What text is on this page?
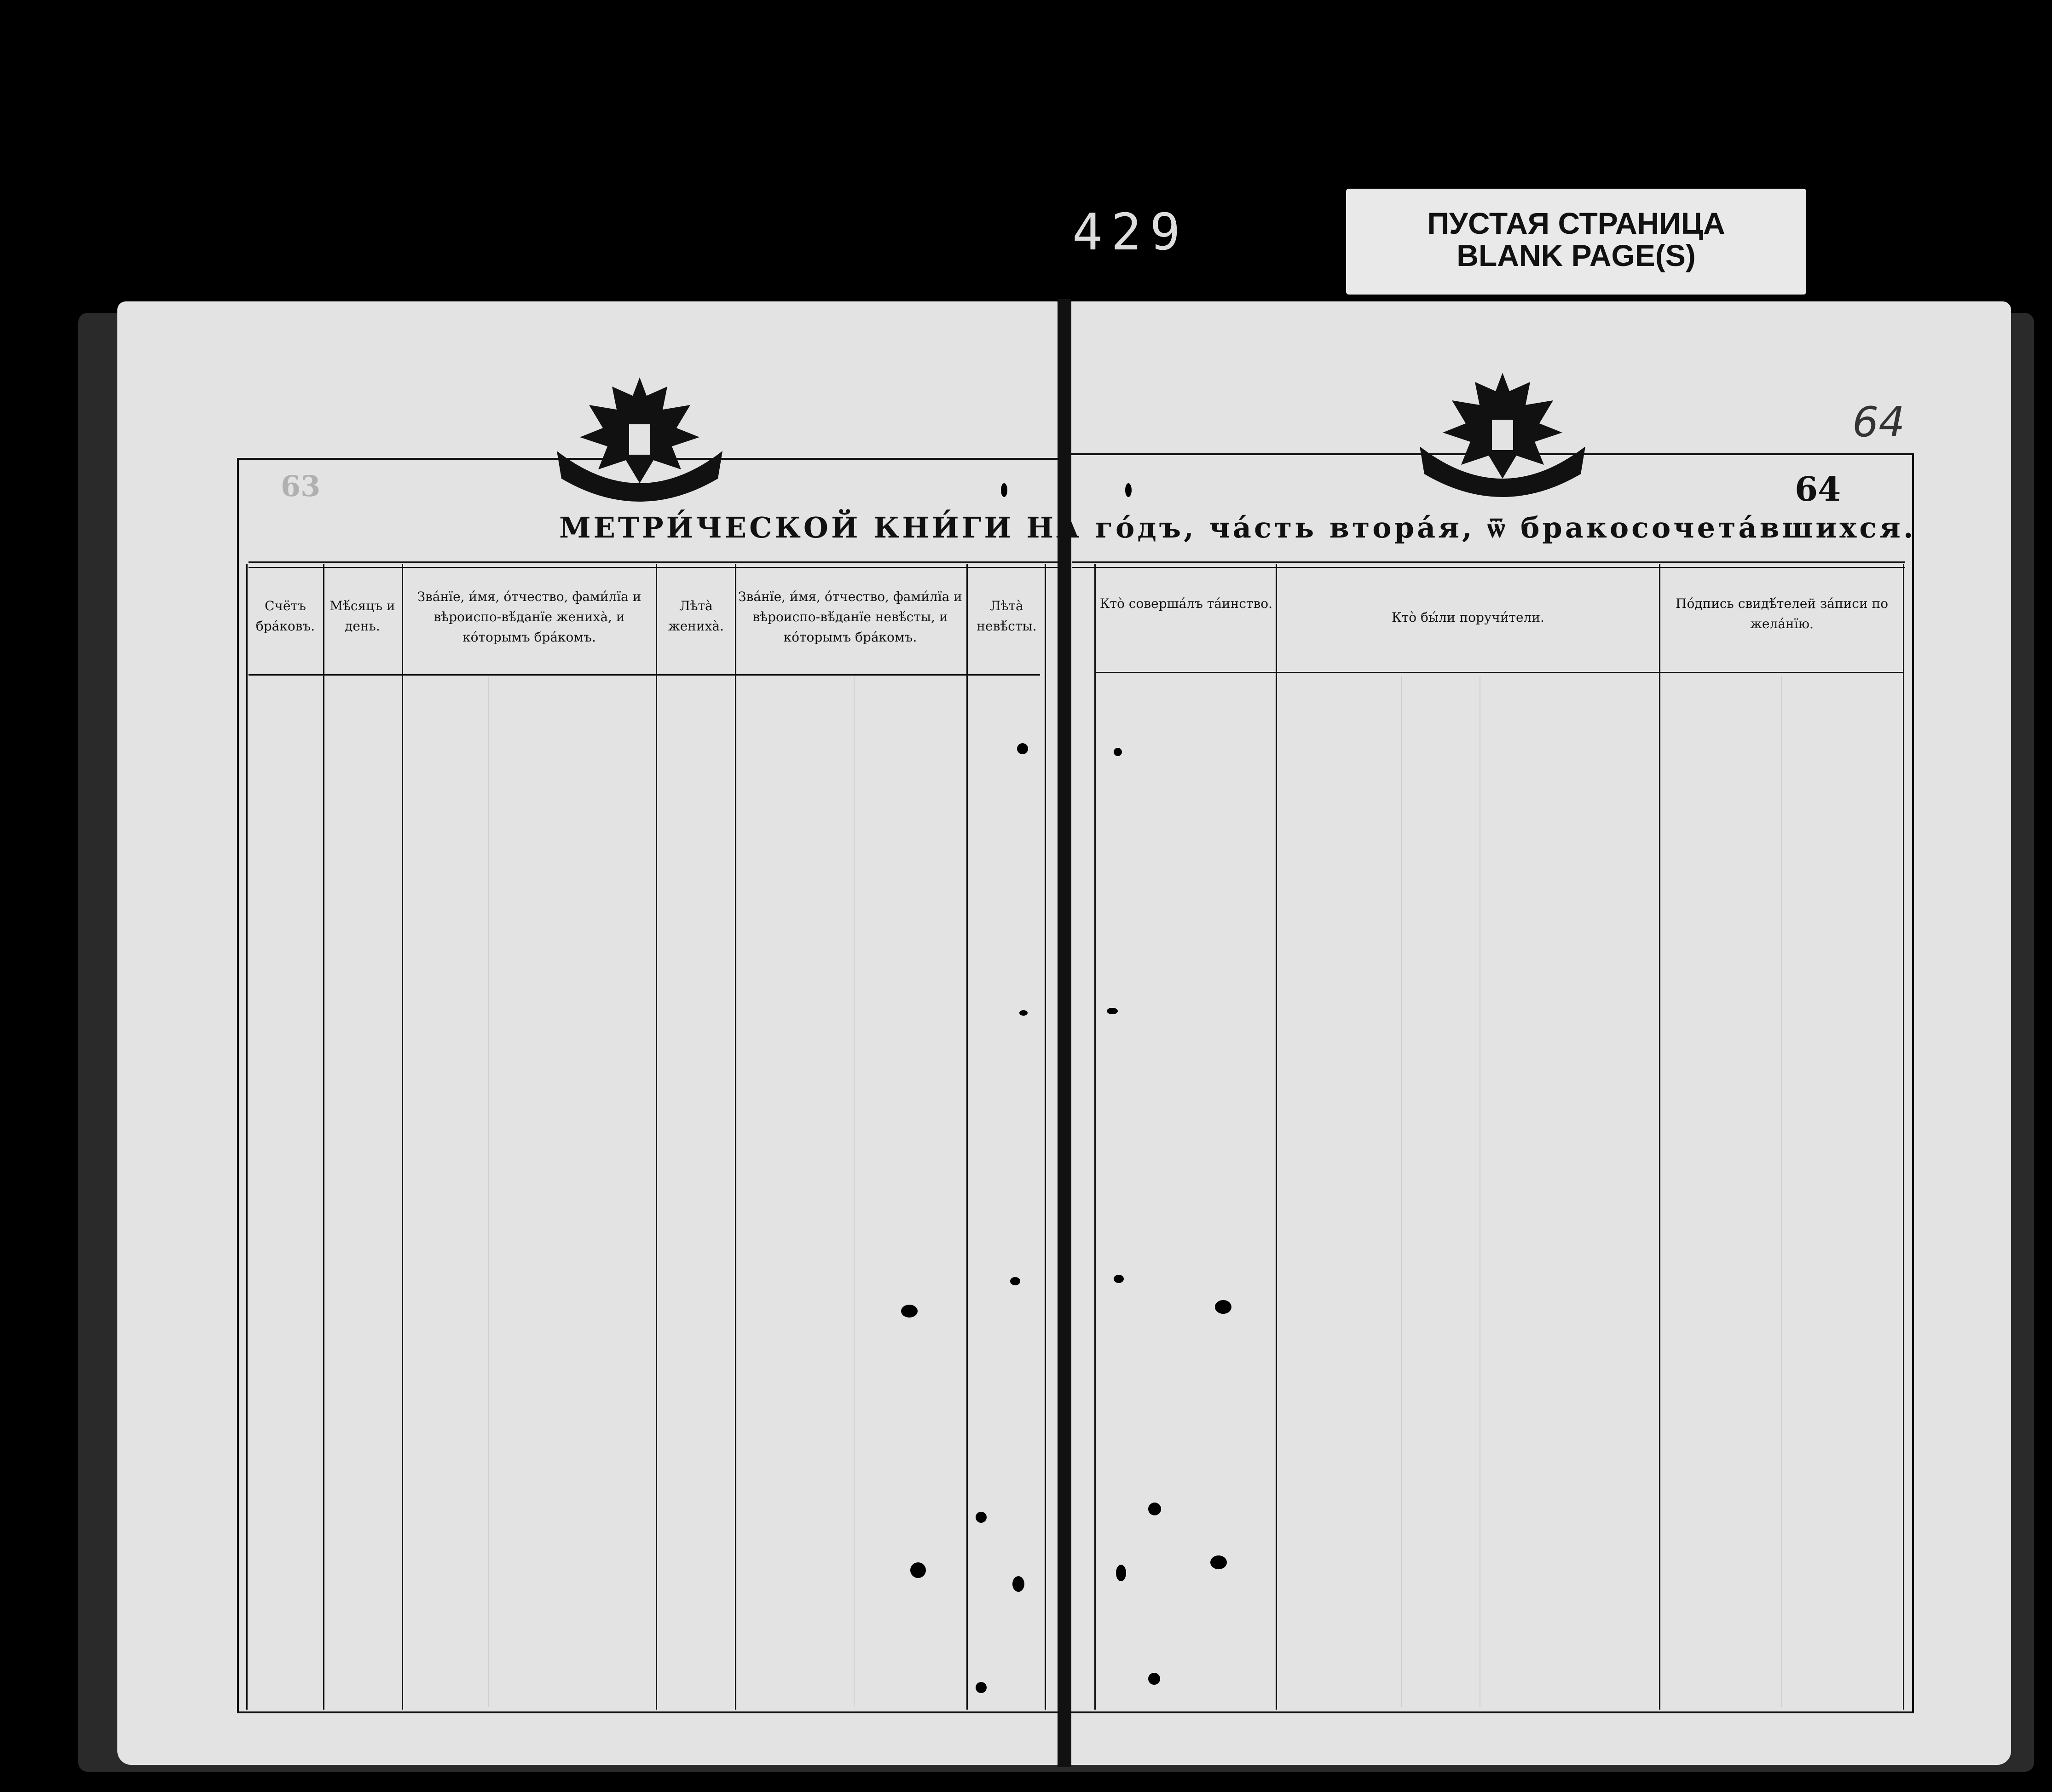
429	ПУСТАЯ СТРАНИЦА
BLANK PAGE(S)
63
МЕТРИ́ЧЕСКОЙ КНИ́ГИ НА го́дъ, ча́сть втора́я, ѿ бракосочета́вшихся.
64
64
Счётъ бра́ковъ.
Мѣ́сяцъ и день.
Зва́нїе, и́мя, о́тчество, фами́лїа и вѣроиспо-вѣ́данїе жениха̀, и ко́торымъ бра́комъ.
Лѣта̀ жениха̀.
Зва́нїе, и́мя, о́тчество, фами́лїа и вѣроиспо-вѣ́данїе невѣ́сты, и ко́торымъ бра́комъ.
Лѣта̀ невѣ́сты.
Кто̀ соверша́лъ та́инство.
Кто̀ бы́ли поручи́тели.
По́дпись свидѣ́телей за́писи по жела́нїю.
